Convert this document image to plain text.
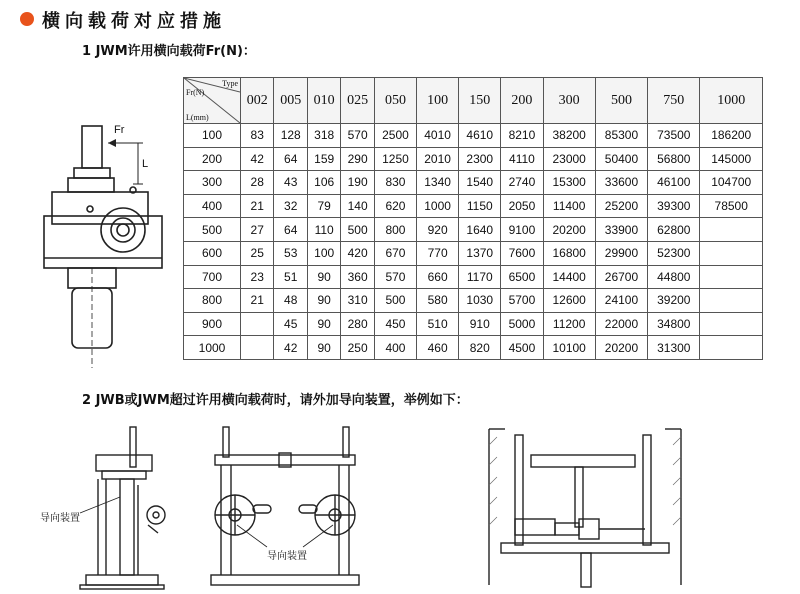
横向载荷对应措施
1 JWM许用横向载荷Fr(N)：
Fr
L
Type
Fr(N)
L(mm)	002	005	010	025	050	100	150	200	300	500	750	1000
100	83	128	318	570	2500	4010	4610	8210	38200	85300	73500	186200
200	42	64	159	290	1250	2010	2300	4110	23000	50400	56800	145000
300	28	43	106	190	830	1340	1540	2740	15300	33600	46100	104700
400	21	32	79	140	620	1000	1150	2050	11400	25200	39300	78500
500	27	64	110	500	800	920	1640	9100	20200	33900	62800	
600	25	53	100	420	670	770	1370	7600	16800	29900	52300	
700	23	51	90	360	570	660	1170	6500	14400	26700	44800	
800	21	48	90	310	500	580	1030	5700	12600	24100	39200	
900		45	90	280	450	510	910	5000	11200	22000	34800	
1000		42	90	250	400	460	820	4500	10100	20200	31300	
2 JWB或JWM超过许用横向载荷时，请外加导向装置，举例如下：
导向装置
导向装置
